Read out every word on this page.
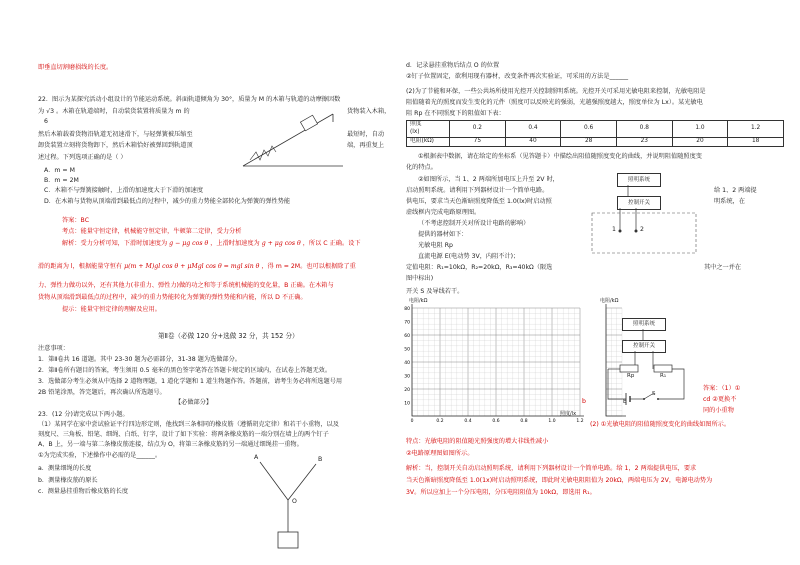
即垂直切割磨损线的长度。

22．图示为某探究活动小组设计的节能运动系统。斜面轨道倾角为 30°，质量为 M 的木箱与轨道的动摩擦因数

为 √3 。木箱在轨道端时，自动装货装置将质量为 m 的	货物装入木箱，

6

然后木箱载着货物沿轨道无初速滑下，与轻弹簧被压缩至	最短时，自动

卸货装置立刻将货物卸下，然后木箱恰好被弹回到轨道顶	端，再重复上

述过程。下列选项正确的是（ ）

A．m = M

B．m = 2M

C．木箱不与弹簧接触时，上滑的加速度大于下滑的加速度

D．在木箱与货物从顶端滑到最低点的过程中，减少的重力势能全部转化为弹簧的弹性势能

答案：BC

考点：能量守恒定律，机械能守恒定律，牛顿第二定律，受力分析

解析：受力分析可知，下滑时加速度为 g − μg cos θ ，上滑时加速度为 g + μg cos θ ，所以 C 正确。设下

滑的距离为 l，根据能量守恒有 μ(m + M)gl cos θ + μMgl cos θ = mgl sin θ ，得 m = 2M。也可以根据除了重

力、弹性力做功以外，还有其他力(非重力、弹性力)做的功之和等于系统机械能的变化量，B 正确。在木箱与

货物从顶端滑到最低点的过程中，减少的重力势能转化为弹簧的弹性势能和内能，所以 D 不正确。

提示：能量守恒定律的理解及应用。

第Ⅱ卷（必做 120 分+选做 32 分，共 152 分）

注意事项：

1．第Ⅱ卷共 16 道题。其中 23-30 题为必需部分，31-38 题为选做部分。

2．第Ⅱ卷所有题目的答案，考生须用 0.5 毫米的黑色签字笔答在答题卡规定的区域内，在试卷上答题无效。

3．选做部分考生必须从中选择 2 道物理题，1 道化学题和 1 道生物题作答。答题前，请考生务必将所选题号用

2B 铅笔涂黑，答完题后，再次确认所选题号。

【必做部分】

23．(12 分)请完成以下两小题。

（1）某同学在家中尝试验证平行四边形定则，他找到三条相同的橡皮筋（遵循胡克定律）和若干小重物，以及

刻度尺、三角板、铅笔、细绳、白纸、钉字，设计了如下实验：将两条橡皮筋的一端分别在墙上的两个钉子

A、B 上，另一端与第二条橡皮筋连接，结点为 O，将第三条橡皮筋的另一端通过细绳挂一重物。

①为完成实验，下述操作中必需的是______。

a．测量细绳的长度

b．测量橡皮筋的原长

c．测量悬挂重物后橡皮筋的长度

A	B
O

d．记录悬挂重物后结点 O 的位置

②钉子位置固定，欲利用现有器材，改变条件再次实验证，可采用的方法是______

(2)为了节能和环保，一些公共场所使用光控开关控制照明系统。光控开关可采用光敏电阻来控制，光敏电阻是

阻值随着光的照度而发生变化的元件（照度可以反映光的强弱，光越强照度越大，照度单位为 Lx）。某光敏电

阻 Rp 在不同照度下的阻值如下表：

照度
(lx)	0.2	0.4	0.6	0.8	1.0	1.2
电阻(kΩ)	75	40	28	23	20	18

①根据表中数据，请在给定的坐标系（见答题卡）中描绘出阻值随照度变化的曲线，并说明阻值随照度变

化的特点。

②如图所示，当 1、2 两端所加电压上升至 2V 时，

启动照明系统。请利用下列器材设计一个简单电路。	给 1、2 两端提

供电压，要求当天色渐暗照度降低至 1.0(lx)时启动照	明系统，在

虚线框内完成电路原理图。

（不考虑控制开关对所设计电路的影响）

提供的器材如下：

光敏电阻 Rp

直流电源 E(电动势 3V，内阻不计)；

定值电阻：R₁=10kΩ，R₂=20kΩ，R₃=40kΩ（限选	其中之一并在

图中标出)

开关 S 及导线若干。

照明系统
控制开关
1	2
80
70
60
50
40
30
20
10
0	0.2	0.4	0.6	0.8	1.0	1.2
电阻/kΩ
照度/lx
b
电阻/kΩ
照明系统
控制开关
Rp	R₁
E
S

答案：（1）①

cd ②更换不

同的小重物

(2) ①光敏电阻的阻值随照度变化的曲线如图所示。

特点：光敏电阻的阻值随光照强度的增大非线性减小

②电路原理图如图所示。

解析：当，控制开关自动启动照明系统，请利用下列器材设计一个简单电路。给 1，2 两端提供电压，要求

当天色渐暗照度降低至 1.0(1x)时启动照明系统，即此时光敏电阻阻值为 20kΩ，两端电压为 2V，电源电动势为

3V。所以应加上一个分压电阻，分压电阻阻值为 10kΩ，即选用 R₁。
